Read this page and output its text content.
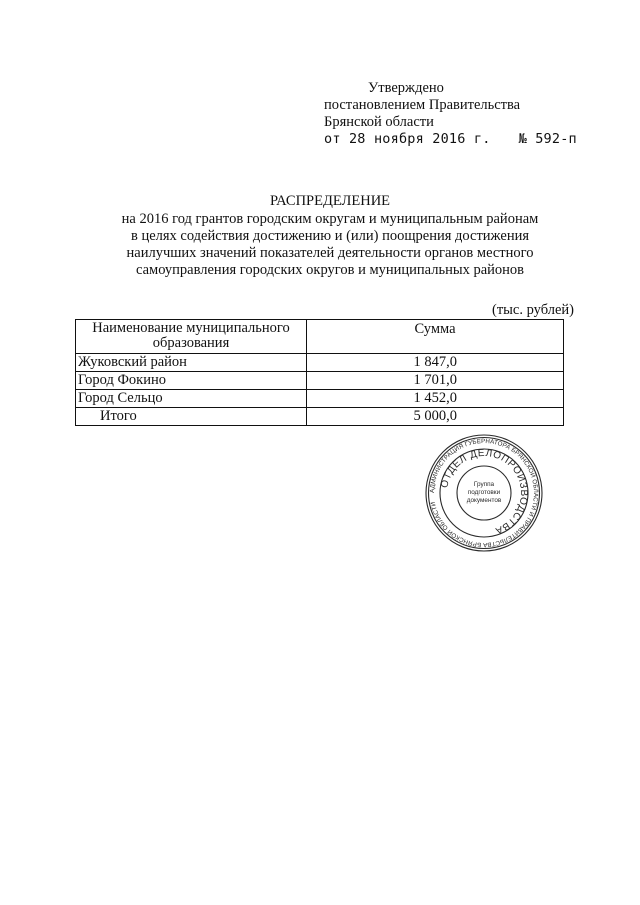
Утверждено
постановлением Правительства
Брянской области
от 28 ноября 2016 г. № 592-п
РАСПРЕДЕЛЕНИЕ
на 2016 год грантов городским округам и муниципальным районам
в целях содействия достижению и (или) поощрения достижения
наилучших значений показателей деятельности органов местного
самоуправления городских округов и муниципальных районов
(тыс. рублей)
Наименование муниципального образования	Сумма
Жуковский район	1 847,0
Город Фокино	1 701,0
Город Сельцо	1 452,0
Итого	5 000,0
АДМИНИСТРАЦИЯ ГУБЕРНАТОРА БРЯНСКОЙ ОБЛАСТИ И ПРАВИТЕЛЬСТВА БРЯНСКОЙ ОБЛАСТИ
ОТДЕЛ ДЕЛОПРОИЗВОДСТВА
Группа
подготовки
документов
